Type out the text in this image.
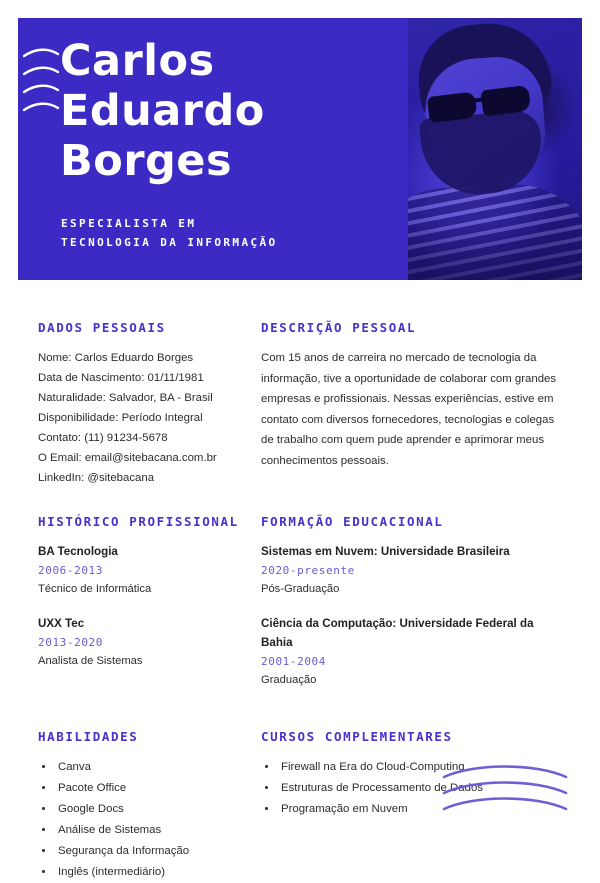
Carlos
Eduardo
Borges
ESPECIALISTA EM
TECNOLOGIA DA INFORMAÇÃO
DADOS PESSOAIS
Nome: Carlos Eduardo Borges
Data de Nascimento: 01/11/1981
Naturalidade: Salvador, BA - Brasil
Disponibilidade: Período Integral
Contato: (11) 91234-5678
O Email: email@sitebacana.com.br
LinkedIn: @sitebacana
DESCRIÇÃO PESSOAL

Com 15 anos de carreira no mercado de tecnologia da informação, tive a oportunidade de colaborar com grandes empresas e profissionais. Nessas experiências, estive em contato com diversos fornecedores, tecnologias e colegas de trabalho com quem pude aprender e aprimorar meus conhecimentos pessoais.

HISTÓRICO PROFISSIONAL
BA Tecnologia
2006-2013
Técnico de Informática
UXX Tec
2013-2020
Analista de Sistemas
FORMAÇÃO EDUCACIONAL
Sistemas em Nuvem: Universidade Brasileira
2020-presente
Pós-Graduação
Ciência da Computação: Universidade Federal da Bahia
2001-2004
Graduação
HABILIDADES
• Canva
• Pacote Office
• Google Docs
• Análise de Sistemas
• Segurança da Informação
• Inglês (intermediário)
CURSOS COMPLEMENTARES
• Firewall na Era do Cloud-Computing
• Estruturas de Processamento de Dados
• Programação em Nuvem
